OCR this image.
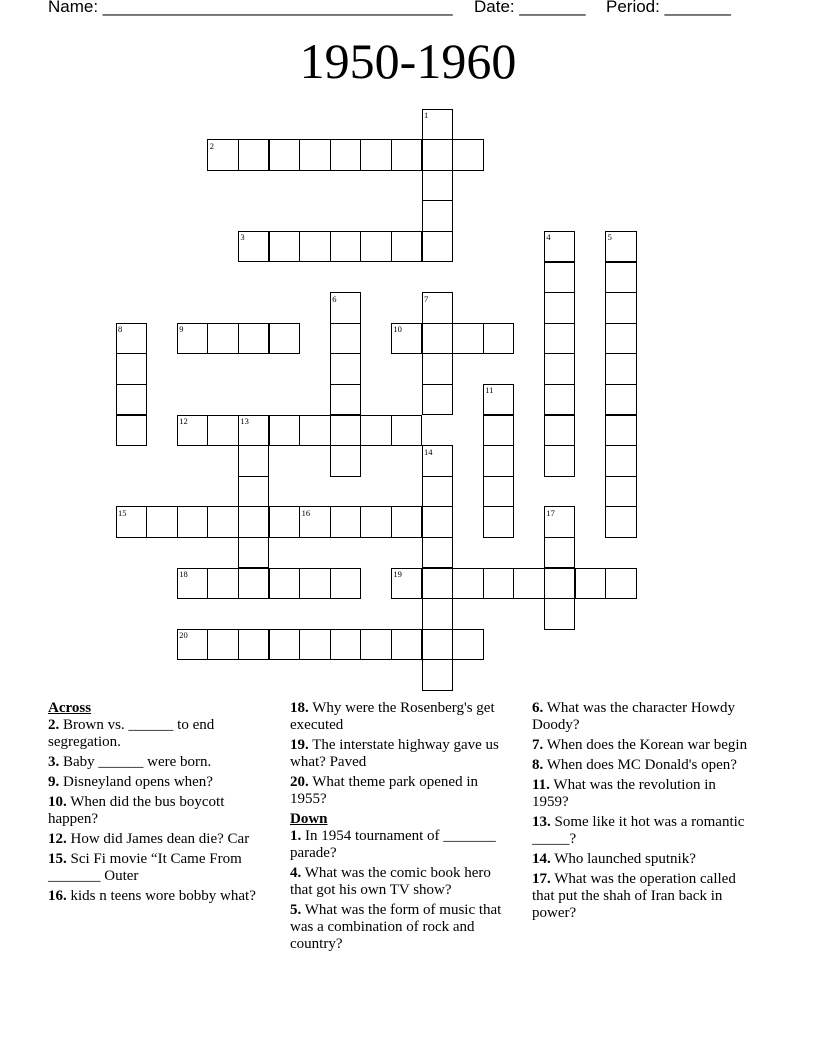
Name: _____________________________________ Date: _______ Period: _______
1950-1960
2
3
9	10
12
15	16
18	19
20
1
4	5
6	7
8
11
13
14
17

Across

2. Brown vs. ______ to end segregation.

3. Baby ______ were born.

9. Disneyland opens when?

10. When did the bus boycott happen?

12. How did James dean die? Car

15. Sci Fi movie “It Came From _______ Outer

16. kids n teens wore bobby what?

18. Why were the Rosenberg's get executed

19. The interstate highway gave us what? Paved

20. What theme park opened in 1955?

Down

1. In 1954 tournament of _______ parade?

4. What was the comic book hero that got his own TV show?

5. What was the form of music that was a combination of rock and country?

6. What was the character Howdy Doody?

7. When does the Korean war begin

8. When does MC Donald's open?

11. What was the revolution in 1959?

13. Some like it hot was a romantic _____?

14. Who launched sputnik?

17. What was the operation called that put the shah of Iran back in power?
